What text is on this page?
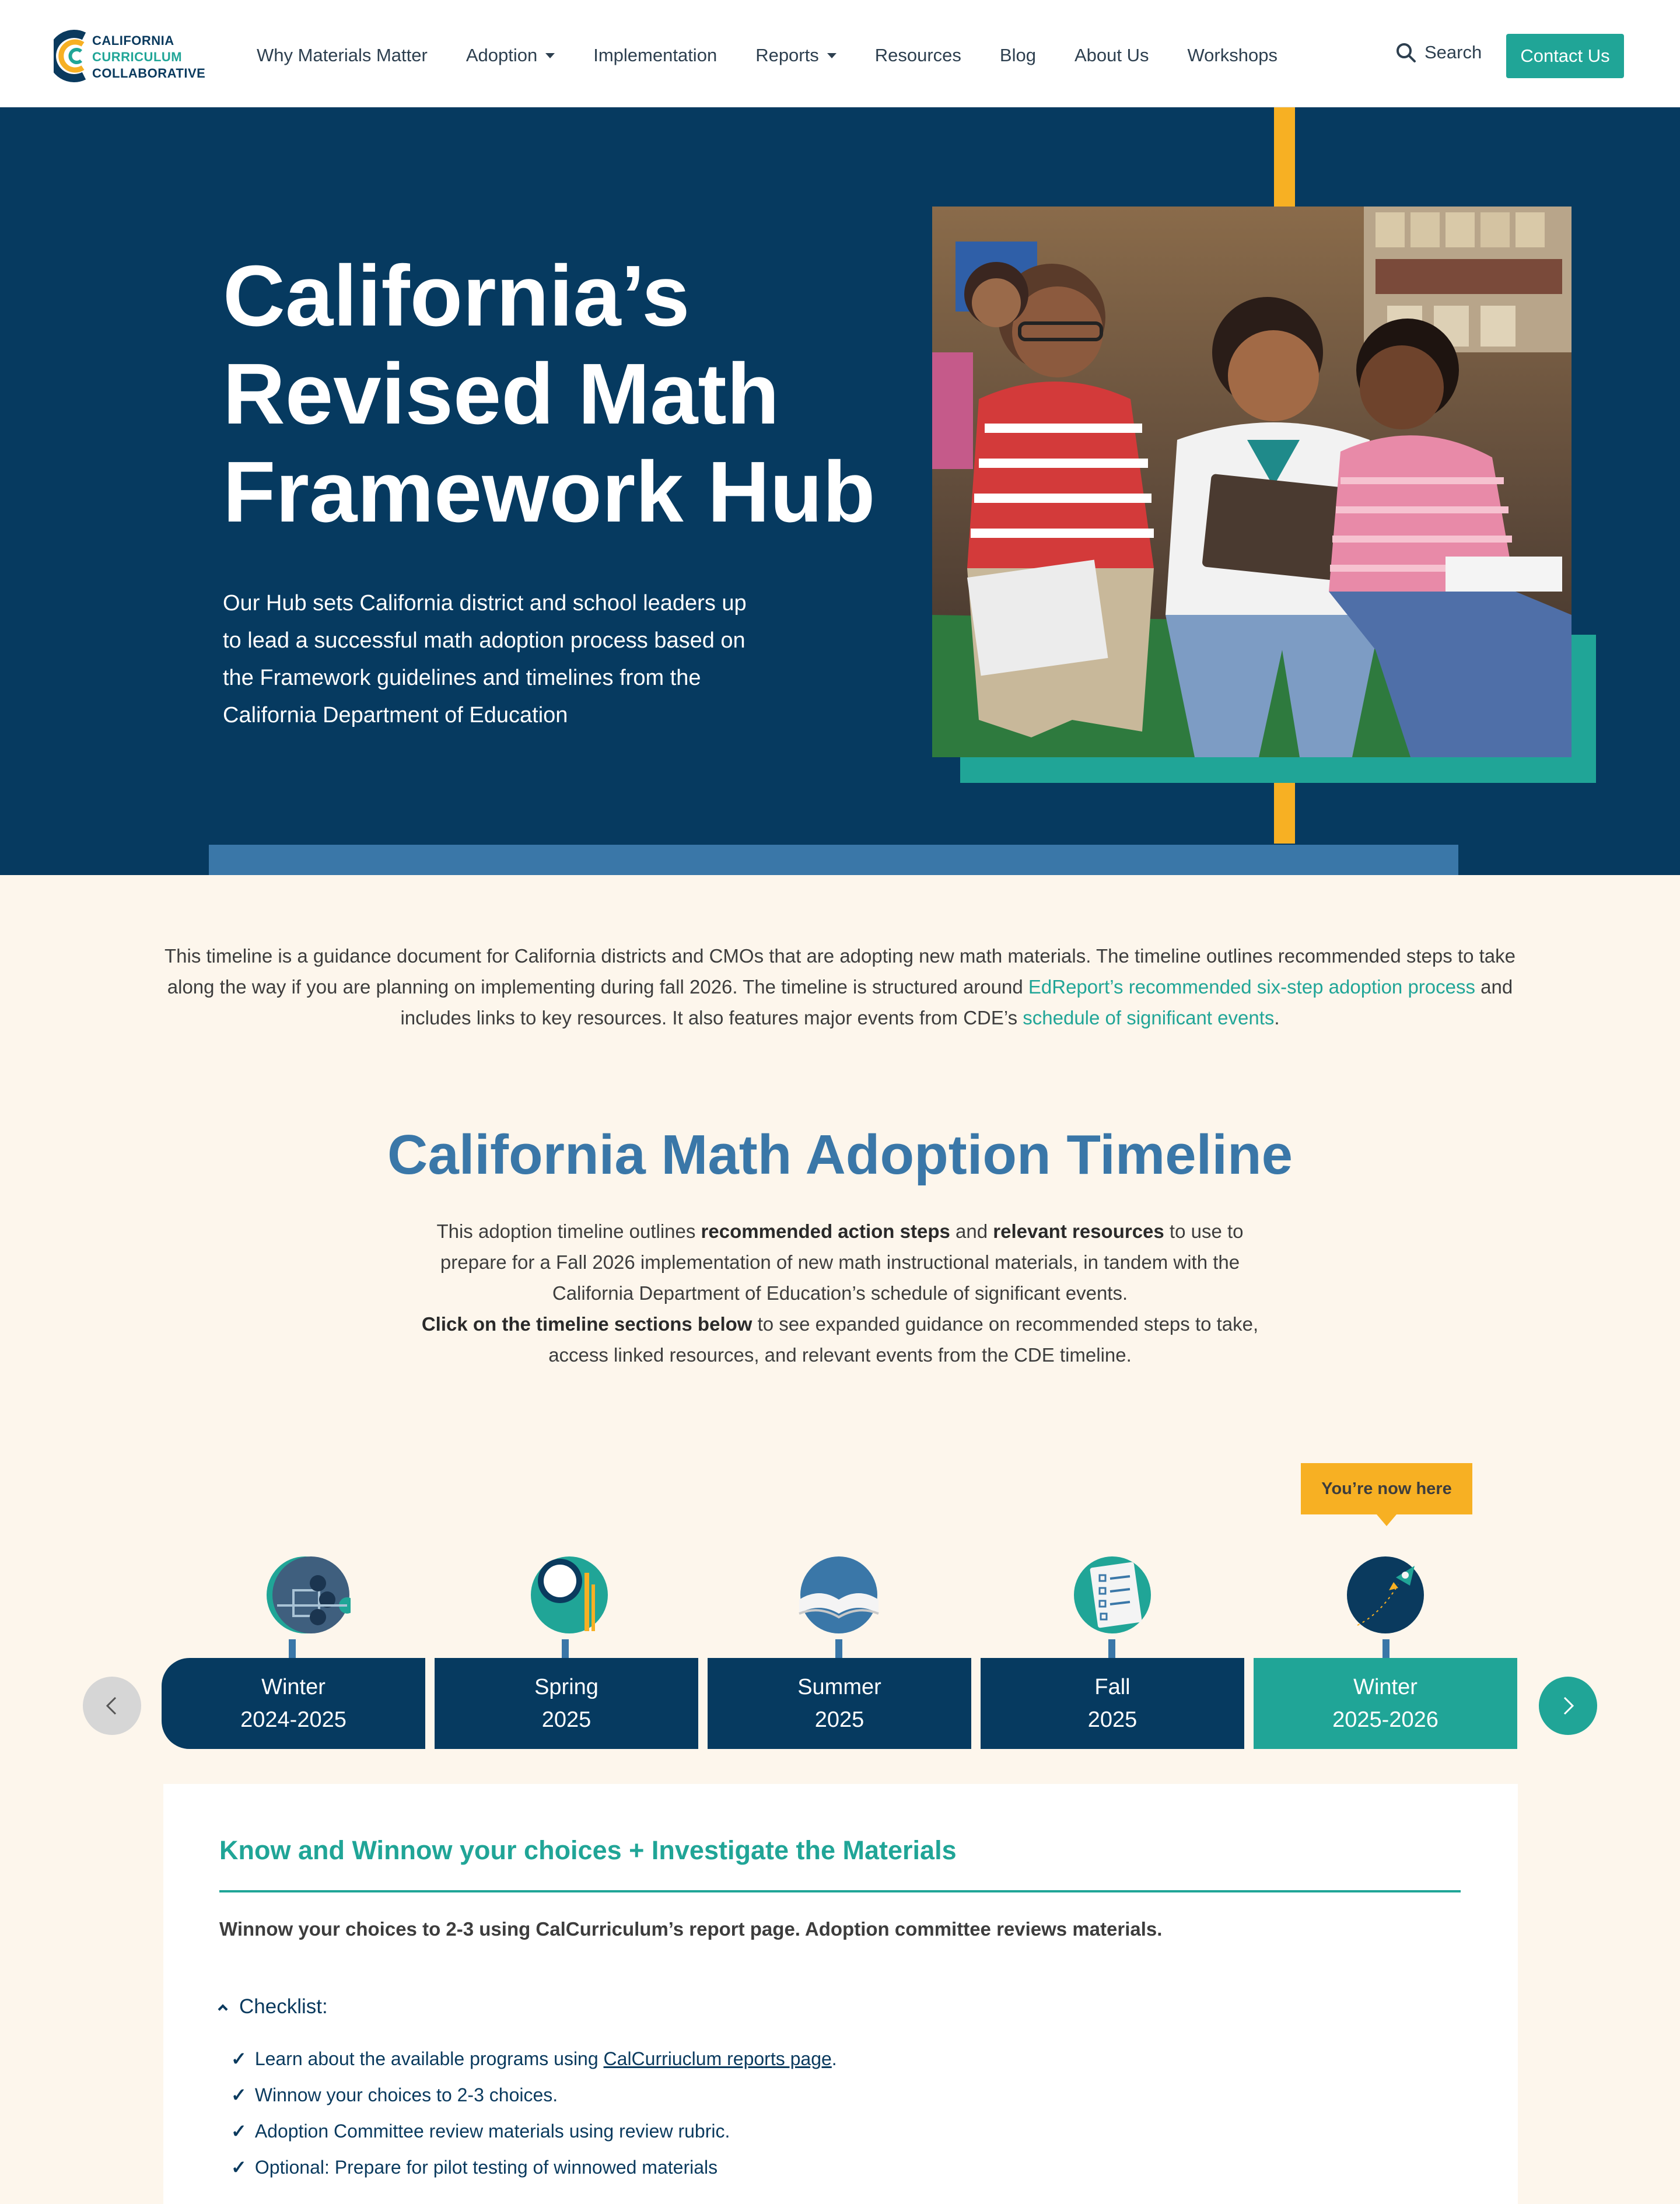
CALIFORNIA
CURRICULUM
COLLABORATIVE
Why Materials Matter Adoption	Implementation Reports	Resources Blog About Us Workshops	Search	Contact Us
California’s
Revised Math
Framework Hub

Our Hub sets California district and school leaders up to lead a successful math adoption process based on the Framework guidelines and timelines from the California Department of Education

This timeline is a guidance document for California districts and CMOs that are adopting new math materials. The timeline outlines recommended steps to take along the way if you are planning on implementing during fall 2026. The timeline is structured around EdReport’s recommended six-step adoption process and includes links to key resources. It also features major events from CDE’s schedule of significant events.

California Math Adoption Timeline

This adoption timeline outlines recommended action steps and relevant resources to use to prepare for a Fall 2026 implementation of new math instructional materials, in tandem with the California Department of Education’s schedule of significant events.
Click on the timeline sections below to see expanded guidance on recommended steps to take, access linked resources, and relevant events from the CDE timeline.

You’re now here
Winter
2024-2025
Spring
2025
Summer
2025
Fall
2025
Winter
2025-2026
Know and Winnow your choices + Investigate the Materials

Winnow your choices to 2-3 using CalCurriculum’s report page. Adoption committee reviews materials.

Checklist:
✓ Learn about the available programs using
CalCurriuclum reports page .
✓ Winnow your choices to 2-3 choices.
✓ Adoption Committee review materials using review rubric.
✓ Optional: Prepare for pilot testing of winnowed materials
